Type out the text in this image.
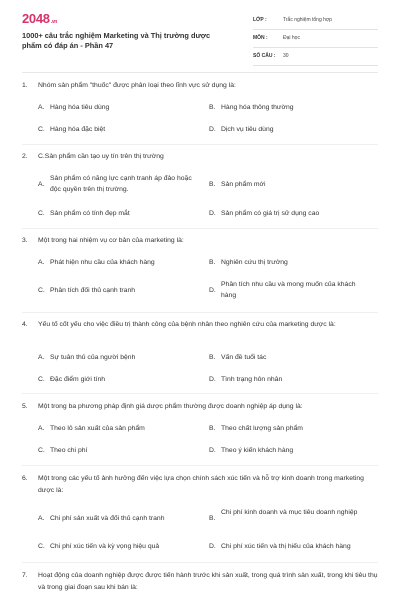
2048.vn
1000+ câu trắc nghiệm Marketing và Thị trường dược
phẩm có đáp án - Phần 47
LỚP :	Trắc nghiệm tổng hợp
MÔN :	Đại học
SỐ CÂU : 30
1. Nhóm sản phẩm "thuốc" được phân loại theo lĩnh vực sử dụng là:
A. Hàng hóa tiêu dùng	B. Hàng hóa thông thường
C. Hàng hóa đặc biệt	D. Dịch vụ tiêu dùng
2. C.Sản phẩm cần tạo uy tín trên thị trường
A.
Sản phẩm có năng lực cạnh tranh áp đảo hoặc độc quyền trên thị trường.
B. Sản phẩm mới
C. Sản phẩm có tính đẹp mắt	D. Sản phẩm có giá trị sử dụng cao
3. Một trong hai nhiệm vụ cơ bản của marketing là:
A. Phát hiện nhu cầu của khách hàng	B. Nghiên cứu thị trường
C. Phân tích đối thủ cạnh tranh	D.
Phân tích nhu cầu và mong muốn của khách hàng
4. Yếu tố cốt yếu cho việc điều trị thành công của bệnh nhân theo nghiên cứu của marketing dược là:
A. Sự tuân thủ của người bệnh	B. Vấn đề tuổi tác
C. Đặc điểm giới tính	D. Tình trạng hôn nhân
5. Một trong ba phương pháp định giá dược phẩm thường được doanh nghiệp áp dụng là:
A. Theo lô sản xuất của sản phẩm	B. Theo chất lượng sản phẩm
C. Theo chi phí	D. Theo ý kiến khách hàng
6. Một trong các yếu tố ảnh hưởng đến việc lựa chọn chính sách xúc tiến và hỗ trợ kinh doanh trong marketing dược là:
A. Chi phí sản xuất và đối thủ cạnh tranh	B.
Chi phí kinh doanh và mục tiêu doanh nghiệp
C. Chi phí xúc tiến và kỳ vọng hiệu quả	D. Chi phí xúc tiến và thị hiếu của khách hàng
7. Hoạt động của doanh nghiệp được được tiến hành trước khi sản xuất, trong quá trình sản xuất, trong khi tiêu thụ và trong giai đoạn sau khi bán là:
